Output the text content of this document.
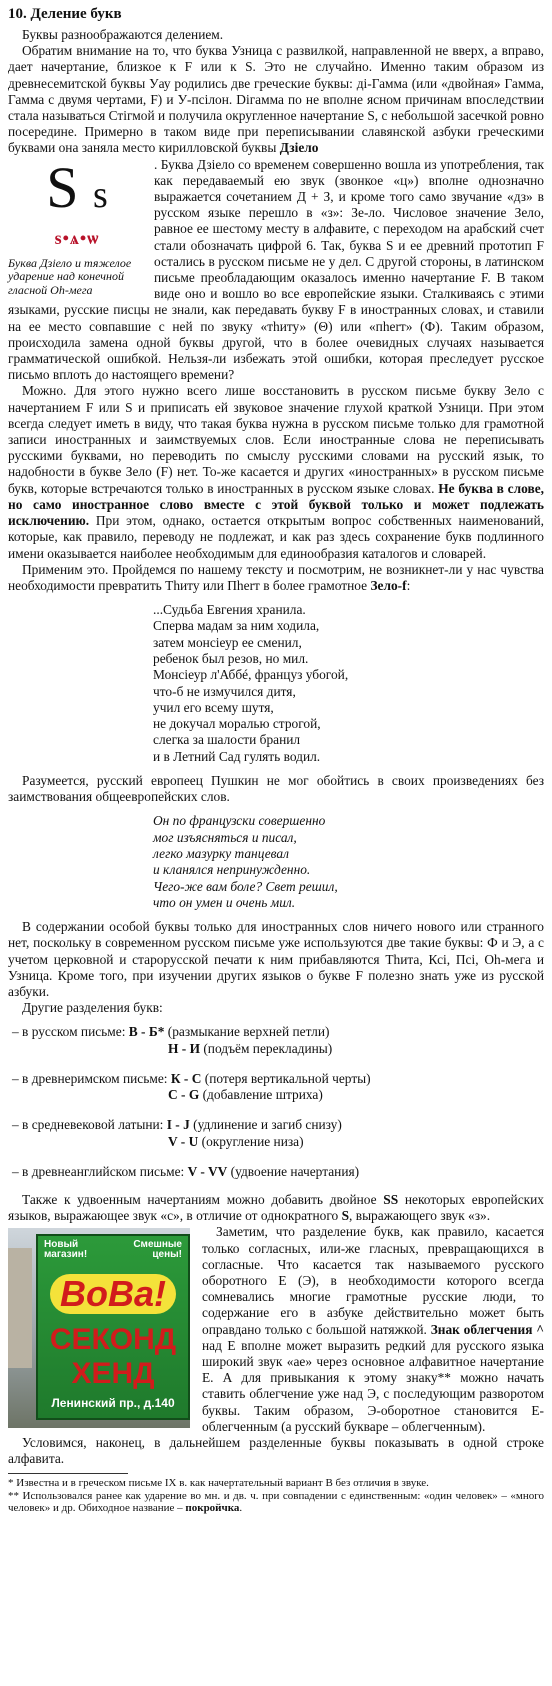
10. Деление букв

Буквы разноображаются делением.

Обратим внимание на то, что буква Узница с развилкой, направленной не вверх, а вправо, дает начертание, близкое к F или к S. Это не случайно. Именно таким образом из древнесемитской буквы Уау родились две греческие буквы: ді-Гамма (или «двойная» Гамма, Гамма с двумя чертами, F) и У-псілон. Dігамма по не вполне ясном причинам впоследствии стала называться Стігмой и получила округленное начертание S, с небольшой засечкой ровно посередине. Примерно в таком виде при переписывании славянской азбуки греческими буквами она заняла место кирилловской буквы Дзіело

S s
s•ѧ•ѡ
Буква Дзіело и тяжелое ударение над конечной гласной Оh-мега

. Буква Дзіело со временем совершенно вошла из употребления, так как передаваемый ею звук (звонкое «ц») вполне однозначно выражается сочетанием Д + З, и кроме того само звучание «дз» в русском языке перешло в «з»: Зе-ло. Числовое значение Зело, равное ее шестому месту в алфавите, с переходом на арабский счет стали обозначать цифрой 6. Так, буква S и ее древний прототип F остались в русском письме не у дел. С другой стороны, в латинском письме преобладающим оказалось именно начертание F. В таком виде оно и вошло во все европейские языки. Сталкиваясь с этими языками, русские писцы не знали, как передавать букву F в иностранных словах, и ставили на ее место совпавшие с ней по звуку «тhиту» (Θ) или «пherт» (Ф). Таким образом, происходила замена одной буквы другой, что в более очевидных случаях называется грамматической ошибкой. Нельзя-ли избежать этой ошибки, которая преследует русское письмо вплоть до настоящего времени?

Можно. Для этого нужно всего лише восстановить в русском письме букву Зело с начертанием F или S и приписать ей звуковое значение глухой краткой Узници. При этом всегда следует иметь в виду, что такая буква нужна в русском письме только для грамотной записи иностранных и заимствуемых слов. Если иностранные слова не переписывать русскими буквами, но переводить по смыслу русскими словами на русский язык, то надобности в букве Зело (F) нет. То-же касается и других «иностранных» в русском письме букв, которые встречаются только в иностранных в русском языке словах. Не буква в слове, но само иностранное слово вместе с этой буквой только и может подлежать исключению. При этом, однако, остается открытым вопрос собственных наименований, которые, как правило, переводу не подлежат, и как раз здесь сохранение букв подлинного имени оказывается наиболее необходимым для единообразия каталогов и словарей.

Применим это. Пройдемся по нашему тексту и посмотрим, не возникнет-ли у нас чувства необходимости превратить Тhиту или Пherт в более грамотное Зело-f:

...Судьба Евгения хранила.
Сперва мадам за ним ходила,
затем монсіеур ее сменил,
ребенок был резов, но мил.
Монсіеур л'Аббé, француз убогой,
что-б не измучился дитя,
учил его всему шутя,
не докучал моралью строгой,
слегка за шалости бранил
и в Летний Сад гулять водил.

Разумеется, русский европеец Пушкин не мог обойтись в своих произведениях без заимствования общеевропейских слов.

Он по французски совершенно
мог изъясняться и писал,
легко мазурку танцевал
и кланялся непринужденно.
Чего-же вам боле? Свет решил,
что он умен и очень мил.

В содержании особой буквы только для иностранных слов ничего нового или странного нет, поскольку в современном русском письме уже используются две такие буквы: Ф и Э, а с учетом церковной и старорусской печати к ним прибавляются Тhита, Ксі, Псі, Оh-мега и Узница. Кроме того, при изучении других языков о букве F полезно знать уже из русской азбуки.

Другие разделения букв:

– в русском письме: В - Б* (размыкание верхней петли)
Н - И (подъём перекладины)
– в древнеримском письме: К - С (потеря вертикальной черты)
С - G (добавление штриха)
– в средневековой латыни: I - J (удлинение и загиб снизу)
V - U (округление низа)
– в древнеанглийском письме: V - VV (удвоение начертания)

Также к удвоенным начертаниям можно добавить двойное SS некоторых европейских языков, выражающее звук «с», в отличие от однократного S, выражающего звук «з».

Новый магазин!
Смешные цены!
ВоВа!
СЕКОНД
ХЕНД
Ленинский пр., д.140

Заметим, что разделение букв, как правило, касается только согласных, или-же гласных, превращающихся в согласные. Что касается так называемого русского оборотного Е (Э), в необходимости которого всегда сомневались многие грамотные русские люди, то содержание его в азбуке действительно может быть оправдано только с большой натяжкой. Знак облегчения ^ над Е вполне может выразить редкий для русского языка широкий звук «ае» через основное алфавитное начертание Е. А для привыкания к этому знаку** можно начать ставить облегчение уже над Э, с последующим разворотом буквы. Таким образом, Э-оборотное становится Е-облегченным (а русский букваре – облегченным).

Условимся, наконец, в дальнейшем разделенные буквы показывать в одной строке алфавита.

* Известна и в греческом письме IX в. как начертательный вариант В без отличия в звуке.

** Использовался ранее как ударение во мн. и дв. ч. при совпадении с единственным: «один человек» – «много человек» и др. Обиходное название – покройчка.
